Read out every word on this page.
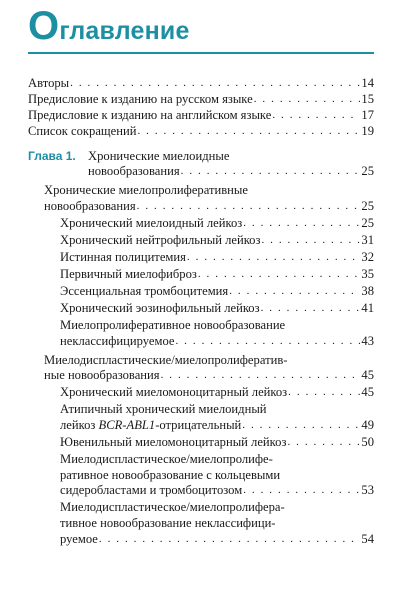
Оглавление
Авторы . . .	14
Предисловие к изданию на русском языке . . .	15
Предисловие к изданию на английском языке . . .	17
Список сокращений . . .	19
Глава 1. Хронические миелоидные
новообразования . . .	25
Хронические миелопролиферативные
новообразования . . .	25
Хронический миелоидный лейкоз . . .	25
Хронический нейтрофильный лейкоз . . .	31
Истинная полицитемия . . .	32
Первичный миелофиброз . . .	35
Эссенциальная тромбоцитемия . . .	38
Хронический эозинофильный лейкоз . . .	41
Миелопролиферативное новообразование
неклассифицируемое . . .	43
Миелодиспластические/миелопролифератив-
ные новообразования . . .	45
Хронический миеломоноцитарный лейкоз . . .	45
Атипичный хронический миелоидный
лейкоз BCR-ABL1-отрицательный . . .	49
Ювенильный миеломоноцитарный лейкоз . . .	50
Миелодиспластическое/миелопролифе-
ративное новообразование с кольцевыми
сидеробластами и тромбоцитозом . . .	53
Миелодиспластическое/миелопролифера-
тивное новообразование неклассифици-
руемое . . .	54
